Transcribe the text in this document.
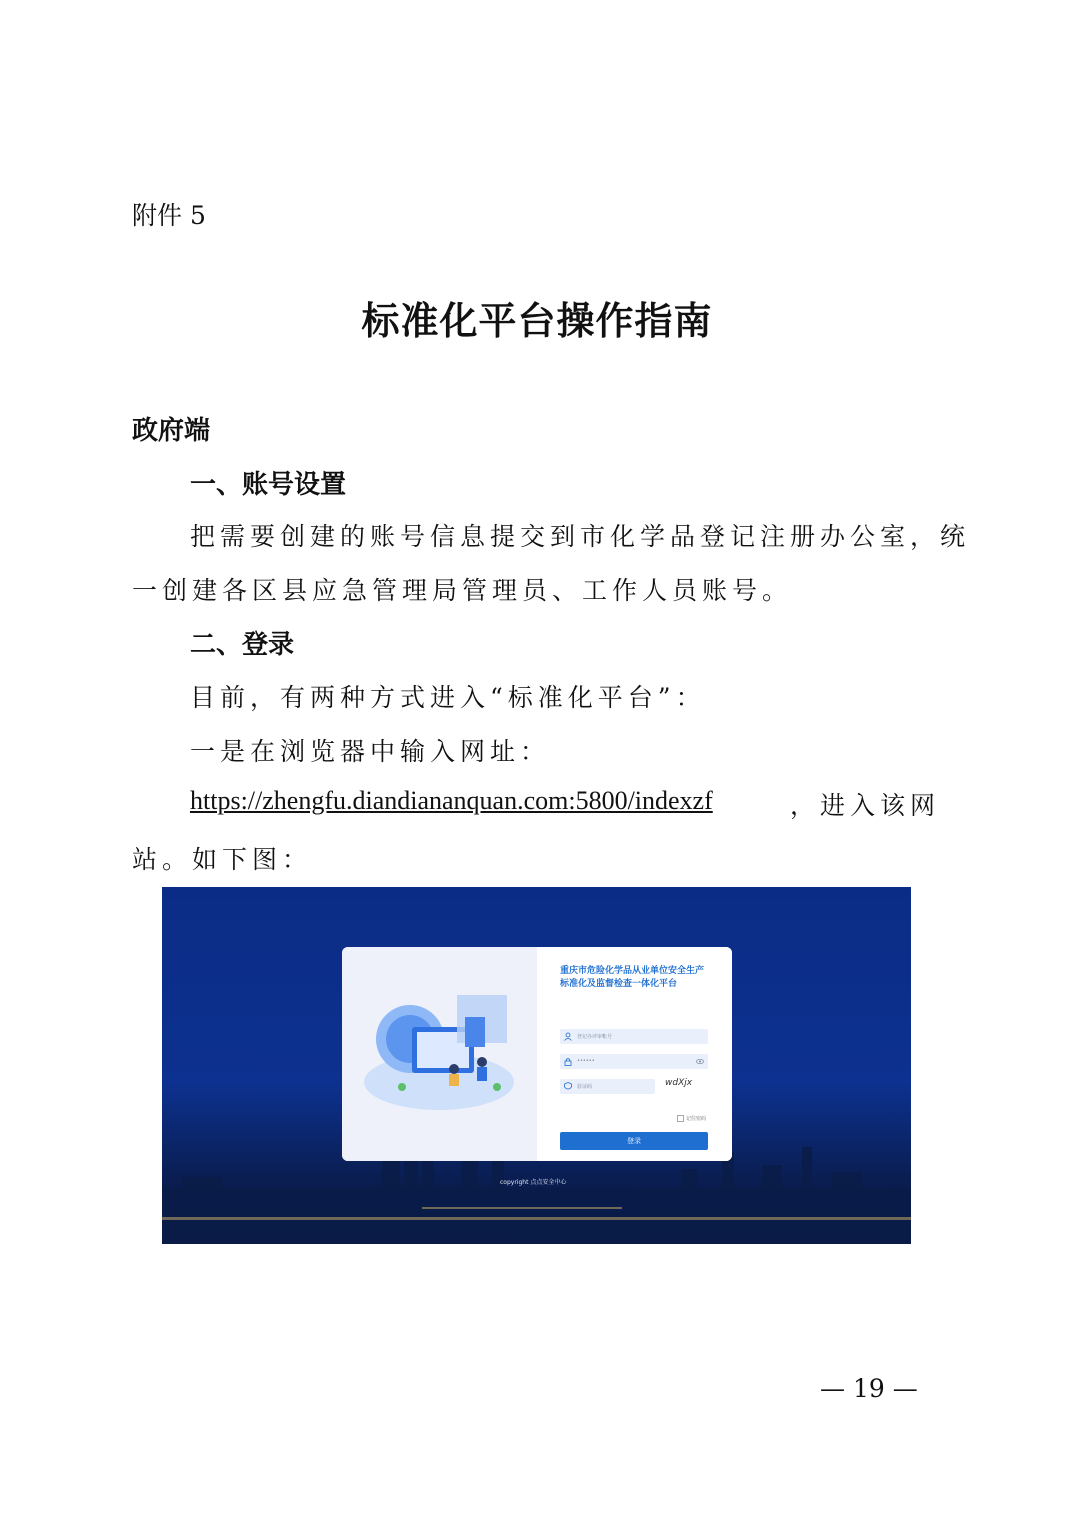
附件 5
标准化平台操作指南
政府端
一、账号设置
把需要创建的账号信息提交到市化学品登记注册办公室，统
一创建各区县应急管理局管理员、工作人员账号。
二、登录
目前，有两种方式进入“标准化平台”：
一是在浏览器中输入网址：
https://zhengfu.diandiananquan.com:5800/indexzf	，进入该网
站。如下图：
重庆市危险化学品从业单位安全生产标准化及监督检查一体化平台
登记办评审帐号
••••••
验证码	wdXjx
记住密码
登录
copyright 点点安全中心
— 19 —
